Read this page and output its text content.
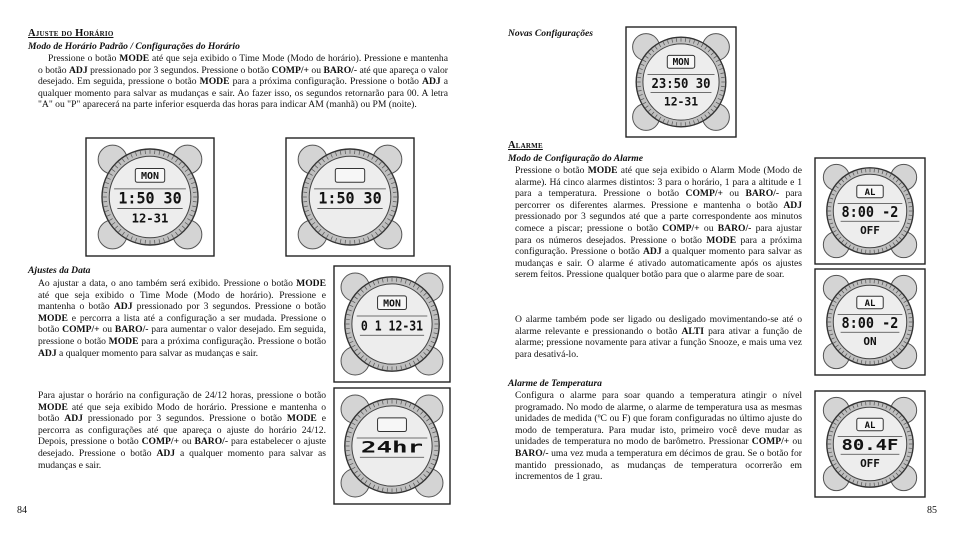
Ajuste do Horário
Modo de Horário Padrão / Configurações do Horário
Pressione o botão MODE até que seja exibido o Time Mode (Modo de horário). Pressione e mantenha o botão ADJ pressionado por 3 segundos. Pressione o botão COMP/+ ou BARO/- até que apareça o valor desejado. Em seguida, pressione o botão MODE para a próxima configuração. Pressione o botão ADJ a qualquer momento para salvar as mudanças e sair. Ao fazer isso, os segundos retornarão para 00. A letra "A" ou "P" aparecerá na parte inferior esquerda das horas para indicar AM (manhã) ou PM (noite).
MON
1:50 30
12-31
1:50 30
Ajustes da Data
Ao ajustar a data, o ano também será exibido. Pressione o botão MODE até que seja exibido o Time Mode (Modo de horário). Pressione e mantenha o botão ADJ pressionado por 3 segundos. Pressione o botão MODE e percorra a lista até a configuração a ser mudada. Pressione o botão COMP/+ ou BARO/- para aumentar o valor desejado. Em seguida, pressione o botão MODE para a próxima configuração. Pressione o botão ADJ a qualquer momento para salvar as mudanças e sair.
Para ajustar o horário na configuração de 24/12 horas, pressione o botão MODE até que seja exibido Modo de horário. Pressione e mantenha o botão ADJ pressionado por 3 segundos. Pressione o botão MODE e percorra as configurações até que apareça o ajuste do horário 24/12. Depois, pressione o botão COMP/+ ou BARO/- para estabelecer o ajuste desejado. Pressione o botão ADJ a qualquer momento para salvar as mudanças e sair.
MON
0 1 12-31
24hr
84
Novas Configurações
MON
23:50 30
12-31
Alarme
Modo de Configuração do Alarme
Pressione o botão MODE até que seja exibido o Alarm Mode (Modo de alarme). Há cinco alarmes distintos: 3 para o horário, 1 para a altitude e 1 para a temperatura. Pressione o botão COMP/+ ou BARO/- para percorrer os diferentes alarmes. Pressione e mantenha o botão ADJ pressionado por 3 segundos até que a parte correspondente aos minutos comece a piscar; pressione o botão COMP/+ ou BARO/- para ajustar para os números desejados. Pressione o botão MODE para a próxima configuração. Pressione o botão ADJ a qualquer momento para salvar as mudanças e sair. O alarme é ativado automaticamente após os ajustes serem feitos. Pressione qualquer botão para que o alarme pare de soar.
O alarme também pode ser ligado ou desligado movimentando-se até o alarme relevante e pressionando o botão ALTI para ativar a função de alarme; pressione novamente para ativar a função Snooze, e mais uma vez para desativá-lo.
Alarme de Temperatura
Configura o alarme para soar quando a temperatura atingir o nível programado. No modo de alarme, o alarme de temperatura usa as mesmas unidades de medida (ºC ou F) que foram configuradas no último ajuste do modo de temperatura. Para mudar isto, primeiro você deve mudar as unidades de temperatura no modo de barômetro. Pressionar COMP/+ ou BARO/- uma vez muda a temperatura em décimos de grau. Se o botão for mantido pressionado, as mudanças de temperatura ocorrerão em incrementos de 1 grau.
AL
8:00 -2
OFF
AL
8:00 -2
ON
AL
80.4F
OFF
85
